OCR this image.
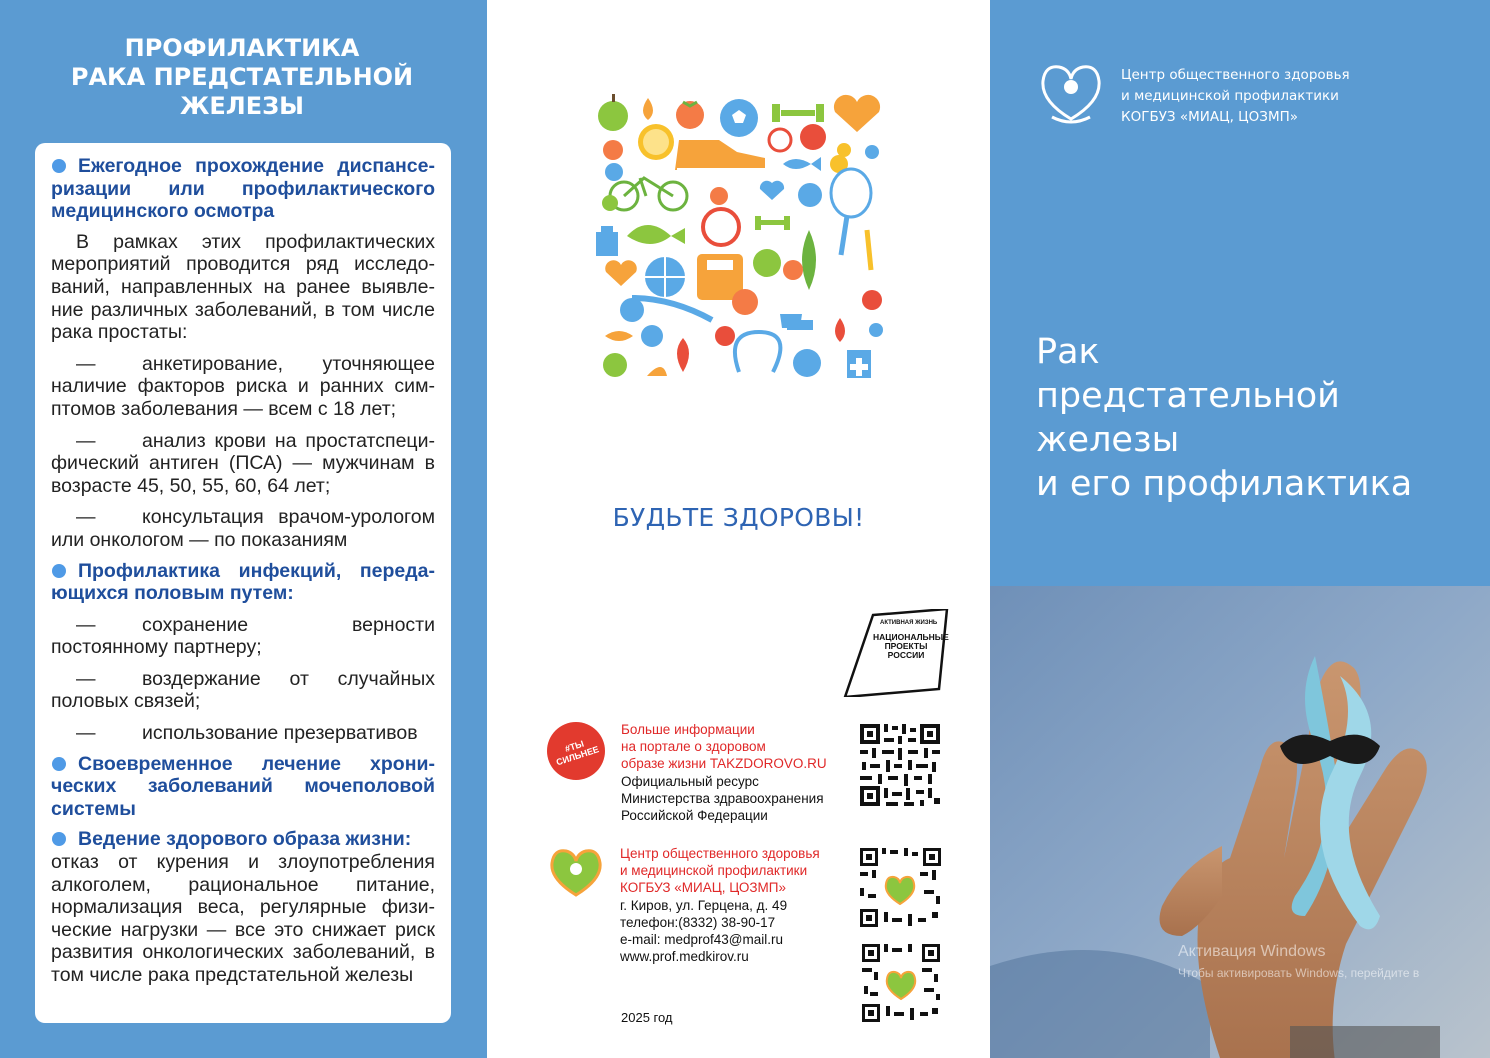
ПРОФИЛАКТИКА
РАКА ПРЕДСТАТЕЛЬНОЙ
ЖЕЛЕЗЫ
Ежегодное прохождение диспансеризации или профилактического медицинского осмотра

В рамках этих профилактических мероприятий проводится ряд исследований, направленных на ранее выявление различных заболеваний, в том числе рака простаты:

— анкетирование, уточняющее наличие факторов риска и ранних симптомов заболевания — всем с 18 лет;

— анализ крови на простатспецифический антиген (ПСА) — мужчинам в возрасте 45, 50, 55, 60, 64 лет;

— консультация врачом-урологом или онкологом — по показаниям

Профилактика инфекций, передающихся половым путем:

— сохранение верности постоянному партнеру;

— воздержание от случайных половых связей;

— использование презервативов

Своевременное лечение хронических заболеваний мочеполовой системы
Ведение здорового образа жизни:

отказ от курения и злоупотребления алкоголем, рациональное питание, нормализация веса, регулярные физические нагрузки — все это снижает риск развития онкологических заболеваний, в том числе рака предстательной железы

БУДЬТЕ ЗДОРОВЫ!
АКТИВНАЯ ЖИЗНЬ
НАЦИОНАЛЬНЫЕ ПРОЕКТЫ РОССИИ
#ТЫ СИЛЬНЕЕ
Больше информации
на портале о здоровом
образе жизни TAKZDOROVO.RU
Официальный ресурс
Министерства здравоохранения
Российской Федерации
Центр общественного здоровья
и медицинской профилактики
КОГБУЗ «МИАЦ, ЦОЗМП»
г. Киров, ул. Герцена, д. 49
телефон:(8332) 38-90-17
e-mail: medprof43@mail.ru
www.prof.medkirov.ru
2025 год
Центр общественного здоровья
и медицинской профилактики
КОГБУЗ «МИАЦ, ЦОЗМП»
Рак
предстательной
железы
и его профилактика
Активация Windows
Чтобы активировать Windows, перейдите в
